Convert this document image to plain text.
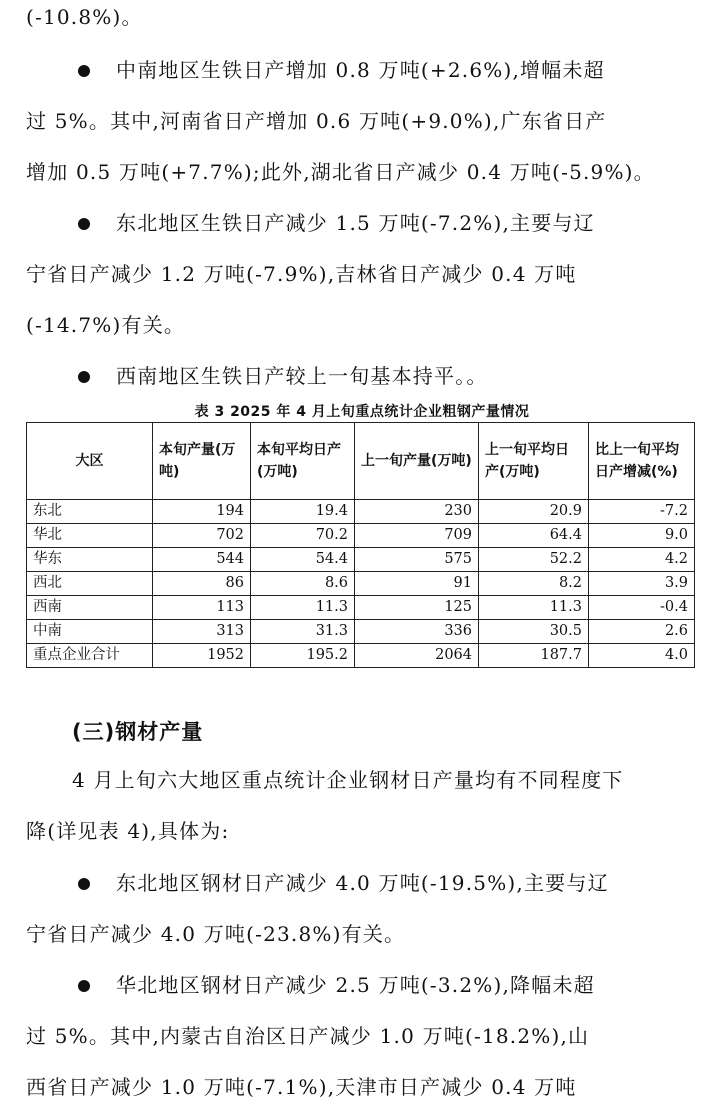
(-10.8%)。
中南地区生铁日产增加 0.8 万吨(+2.6%),增幅未超
过 5%。其中,河南省日产增加 0.6 万吨(+9.0%),广东省日产
增加 0.5 万吨(+7.7%);此外,湖北省日产减少 0.4 万吨(-5.9%)。
东北地区生铁日产减少 1.5 万吨(-7.2%),主要与辽
宁省日产减少 1.2 万吨(-7.9%),吉林省日产减少 0.4 万吨
(-14.7%)有关。
西南地区生铁日产较上一旬基本持平。。
表 3 2025 年 4 月上旬重点统计企业粗钢产量情况
大区	本旬产量(万吨)	本旬平均日产(万吨)	上一旬产量(万吨)	上一旬平均日产(万吨)	比上一旬平均日产增减(%)
东北	194	19.4	230	20.9	-7.2
华北	702	70.2	709	64.4	9.0
华东	544	54.4	575	52.2	4.2
西北	86	8.6	91	8.2	3.9
西南	113	11.3	125	11.3	-0.4
中南	313	31.3	336	30.5	2.6
重点企业合计	1952	195.2	2064	187.7	4.0
(三)钢材产量
4 月上旬六大地区重点统计企业钢材日产量均有不同程度下
降(详见表 4),具体为:
东北地区钢材日产减少 4.0 万吨(-19.5%),主要与辽
宁省日产减少 4.0 万吨(-23.8%)有关。
华北地区钢材日产减少 2.5 万吨(-3.2%),降幅未超
过 5%。其中,内蒙古自治区日产减少 1.0 万吨(-18.2%),山
西省日产减少 1.0 万吨(-7.1%),天津市日产减少 0.4 万吨
